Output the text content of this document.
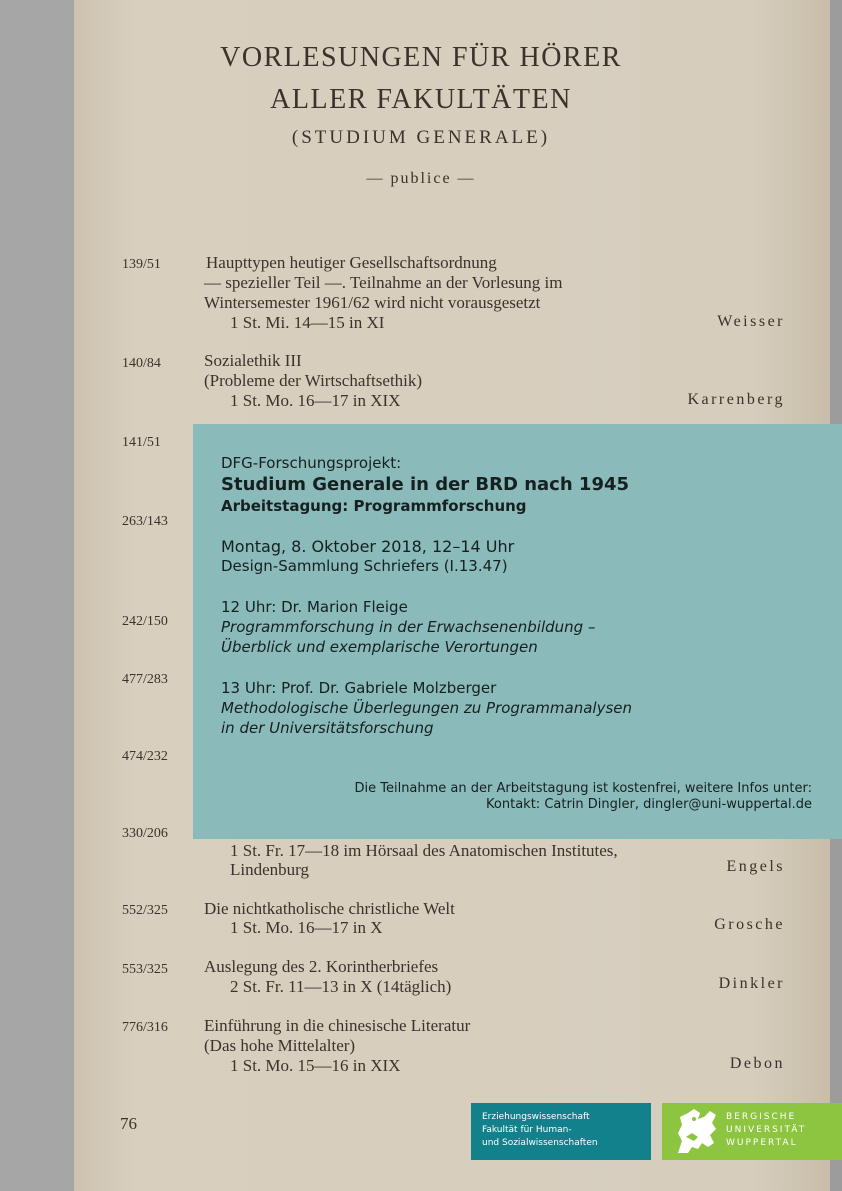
VORLESUNGEN FÜR HÖRER
ALLER FAKULTÄTEN
(STUDIUM GENERALE)
— publice —
139/51	Haupttypen heutiger Gesellschaftsordnung
— spezieller Teil —. Teilnahme an der Vorlesung im
Wintersemester 1961/62 wird nicht vorausgesetzt
1 St. Mi. 14—15 in XI	Weisser
140/84	Sozialethik III
(Probleme der Wirtschaftsethik)
1 St. Mo. 16—17 in XIX	Karrenberg
141/51
263/143
242/150
477/283
474/232
330/206
1 St. Fr. 17—18 im Hörsaal des Anatomischen Institutes,
Lindenburg	Engels
552/325 Die nichtkatholische christliche Welt
1 St. Mo. 16—17 in X	Grosche
553/325 Auslegung des 2. Korintherbriefes
2 St. Fr. 11—13 in X (14täglich)	Dinkler
776/316 Einführung in die chinesische Literatur
(Das hohe Mittelalter)
1 St. Mo. 15—16 in XIX	Debon
76
DFG-Forschungsprojekt:
Studium Generale in der BRD nach 1945
Arbeitstagung: Programmforschung
Montag, 8. Oktober 2018, 12–14 Uhr
Design-Sammlung Schriefers (I.13.47)
12 Uhr: Dr. Marion Fleige
Programmforschung in der Erwachsenenbildung –
Überblick und exemplarische Verortungen
13 Uhr: Prof. Dr. Gabriele Molzberger
Methodologische Überlegungen zu Programmanalysen
in der Universitätsforschung
Die Teilnahme an der Arbeitstagung ist kostenfrei, weitere Infos unter:
Kontakt: Catrin Dingler, dingler@uni-wuppertal.de
Erziehungswissenschaft
Fakultät für Human-
und Sozialwissenschaften
BERGISCHE
UNIVERSITÄT
WUPPERTAL
